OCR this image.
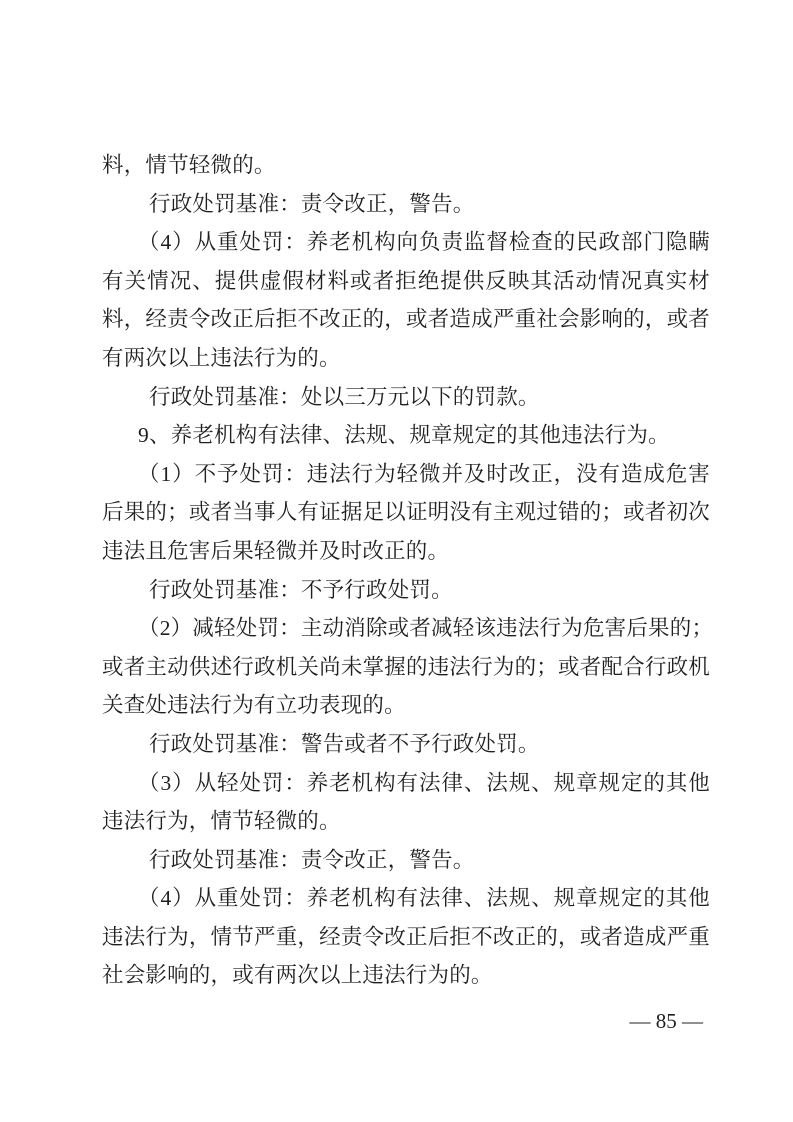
料，情节轻微的。
行政处罚基准：责令改正，警告。
（4）从重处罚：养老机构向负责监督检查的民政部门隐瞒
有关情况、提供虚假材料或者拒绝提供反映其活动情况真实材
料，经责令改正后拒不改正的，或者造成严重社会影响的，或者
有两次以上违法行为的。
行政处罚基准：处以三万元以下的罚款。
9、养老机构有法律、法规、规章规定的其他违法行为。
（1）不予处罚：违法行为轻微并及时改正，没有造成危害
后果的；或者当事人有证据足以证明没有主观过错的；或者初次
违法且危害后果轻微并及时改正的。
行政处罚基准：不予行政处罚。
（2）减轻处罚：主动消除或者减轻该违法行为危害后果的；
或者主动供述行政机关尚未掌握的违法行为的；或者配合行政机
关查处违法行为有立功表现的。
行政处罚基准：警告或者不予行政处罚。
（3）从轻处罚：养老机构有法律、法规、规章规定的其他
违法行为，情节轻微的。
行政处罚基准：责令改正，警告。
（4）从重处罚：养老机构有法律、法规、规章规定的其他
违法行为，情节严重，经责令改正后拒不改正的，或者造成严重
社会影响的，或有两次以上违法行为的。
— 85 —
